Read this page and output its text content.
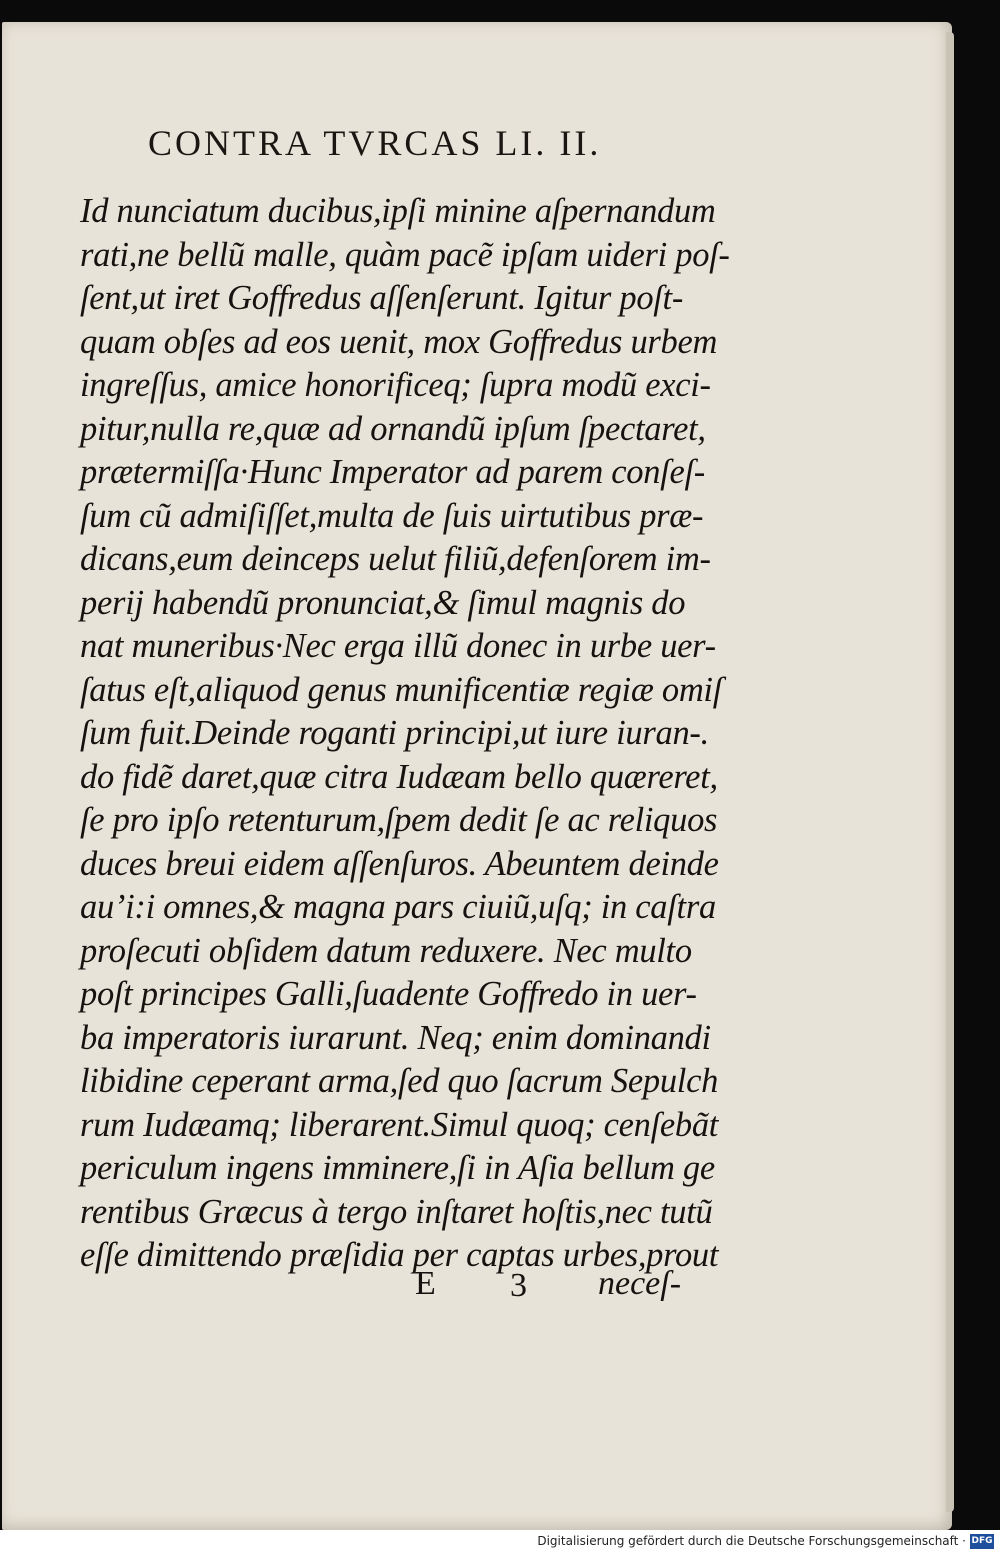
CONTRA TVRCAS LI. II.
Id nunciatum ducibus,ipſi minine aſpernandum
rati,ne bellũ malle, quàm pacẽ ipſam uideri poſ-
ſent,ut iret Goffredus aſſenſerunt. Igitur poſt-
quam obſes ad eos uenit, mox Goffredus urbem
ingreſſus, amice honorificeq; ſupra modũ exci-
pitur,nulla re,quæ ad ornandũ ipſum ſpectaret,
prætermiſſa·Hunc Imperator ad parem conſeſ-
ſum cũ admiſiſſet,multa de ſuis uirtutibus præ-
dicans,eum deinceps uelut filiũ,defenſorem im-
perij habendũ pronunciat,& ſimul magnis do
nat muneribus·Nec erga illũ donec in urbe uer-
ſatus eſt,aliquod genus munificentiæ regiæ omiſ
ſum fuit.Deinde roganti principi,ut iure iuran-.
do fidẽ daret,quæ citra Iudæam bello quæreret,
ſe pro ipſo retenturum,ſpem dedit ſe ac reliquos
duces breui eidem aſſenſuros. Abeuntem deinde
au’i:i omnes,& magna pars ciuiũ,uſq; in caſtra
proſecuti obſidem datum reduxere. Nec multo
poſt principes Galli,ſuadente Goffredo in uer-
ba imperatoris iurarunt. Neq; enim dominandi
libidine ceperant arma,ſed quo ſacrum Sepulch
rum Iudæamq; liberarent.Simul quoq; cenſebãt
periculum ingens imminere,ſi in Aſia bellum ge
rentibus Græcus à tergo inſtaret hoſtis,nec tutũ
eſſe dimittendo præſidia per captas urbes,prout
E 3 neceſ-
Digitalisierung gefördert durch die Deutsche Forschungsgemeinschaft · DFG
